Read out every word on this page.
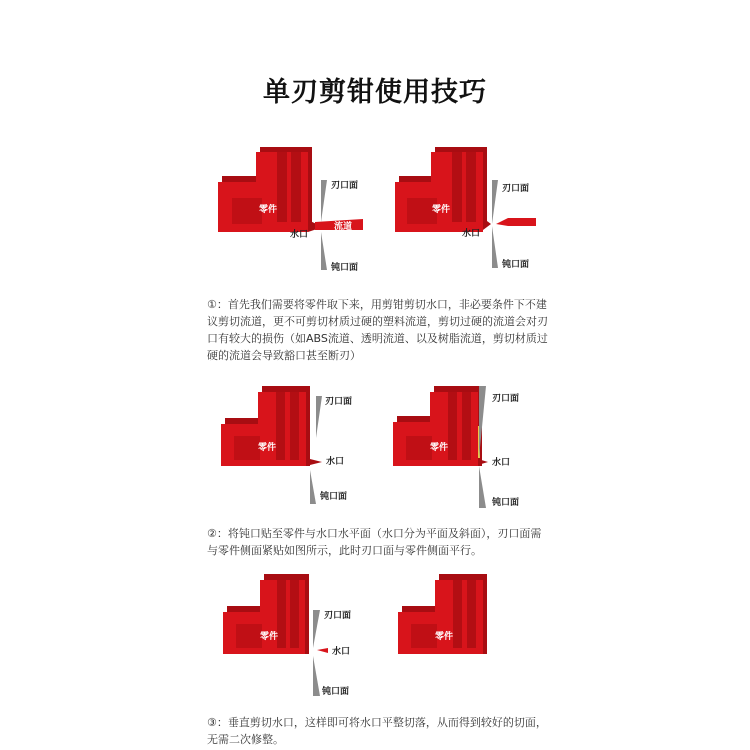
单刃剪钳使用技巧
零件
水口
流道
刃口面
钝口面
零件
水口
刃口面
钝口面

①：首先我们需要将零件取下来，用剪钳剪切水口，非必要条件下不建议剪切流道，更不可剪切材质过硬的塑料流道，剪切过硬的流道会对刃口有较大的损伤（如ABS流道、透明流道、以及树脂流道，剪切材质过硬的流道会导致豁口甚至断刃）

零件
水口
刃口面
钝口面
零件
水口
刃口面
钝口面

②：将钝口贴至零件与水口水平面（水口分为平面及斜面），刃口面需与零件侧面紧贴如图所示，此时刃口面与零件侧面平行。

零件
水口
刃口面
钝口面
零件

③：垂直剪切水口，这样即可将水口平整切落，从而得到较好的切面，无需二次修整。
